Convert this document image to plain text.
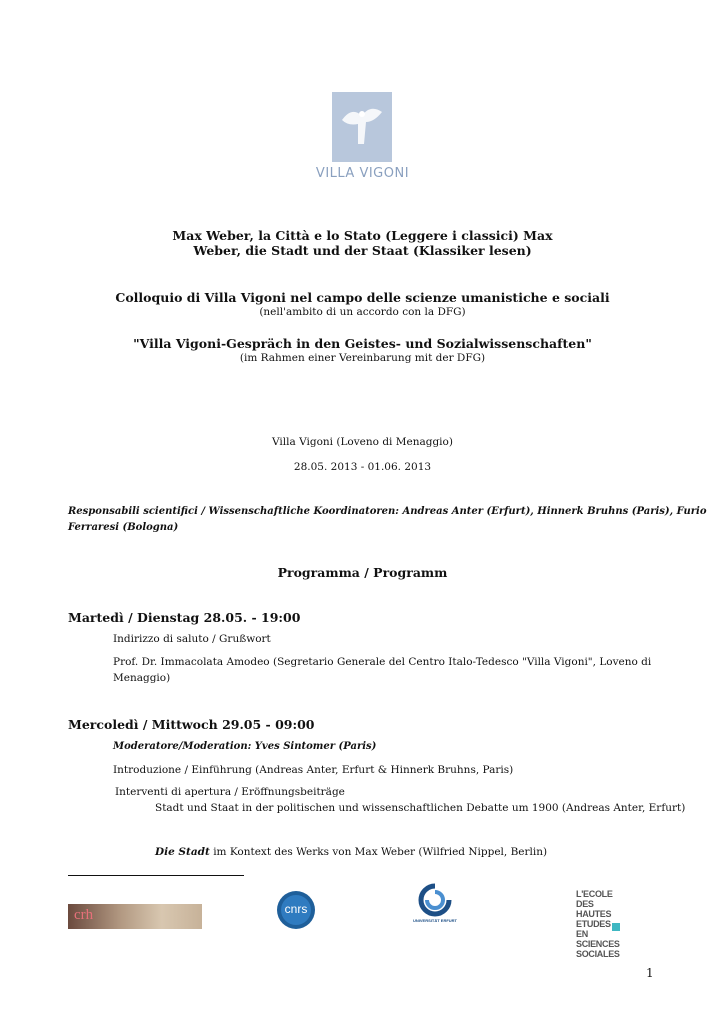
VILLA VIGONI
Max Weber, la Città e lo Stato (Leggere i classici) Max
Weber, die Stadt und der Staat (Klassiker lesen)
Colloquio di Villa Vigoni nel campo delle scienze umanistiche e sociali
(nell'ambito di un accordo con la DFG)
"Villa Vigoni-Gespräch in den Geistes- und Sozialwissenschaften"
(im Rahmen einer Vereinbarung mit der DFG)
Villa Vigoni (Loveno di Menaggio)
28.05. 2013 - 01.06. 2013
Responsabili scientifici / Wissenschaftliche Koordinatoren: Andreas Anter (Erfurt), Hinnerk Bruhns (Paris), Furio
Ferraresi (Bologna)
Programma / Programm
Martedì / Dienstag 28.05. - 19:00
Indirizzo di saluto / Grußwort
Prof. Dr. Immacolata Amodeo (Segretario Generale del Centro Italo-Tedesco "Villa Vigoni", Loveno di
Menaggio)
Mercoledì / Mittwoch 29.05 - 09:00
Moderatore/Moderation: Yves Sintomer (Paris)
Introduzione / Einführung (Andreas Anter, Erfurt & Hinnerk Bruhns, Paris)
Interventi di apertura / Eröffnungsbeiträge
Stadt und Staat in der politischen und wissenschaftlichen Debatte um 1900 (Andreas Anter, Erfurt)
Die Stadt im Kontext des Werks von Max Weber (Wilfried Nippel, Berlin)
crh	cnrs
UNIVERSITÄT ERFURT
L'ECOLE DES HAUTES ETUDES EN SCIENCES SOCIALES
1
